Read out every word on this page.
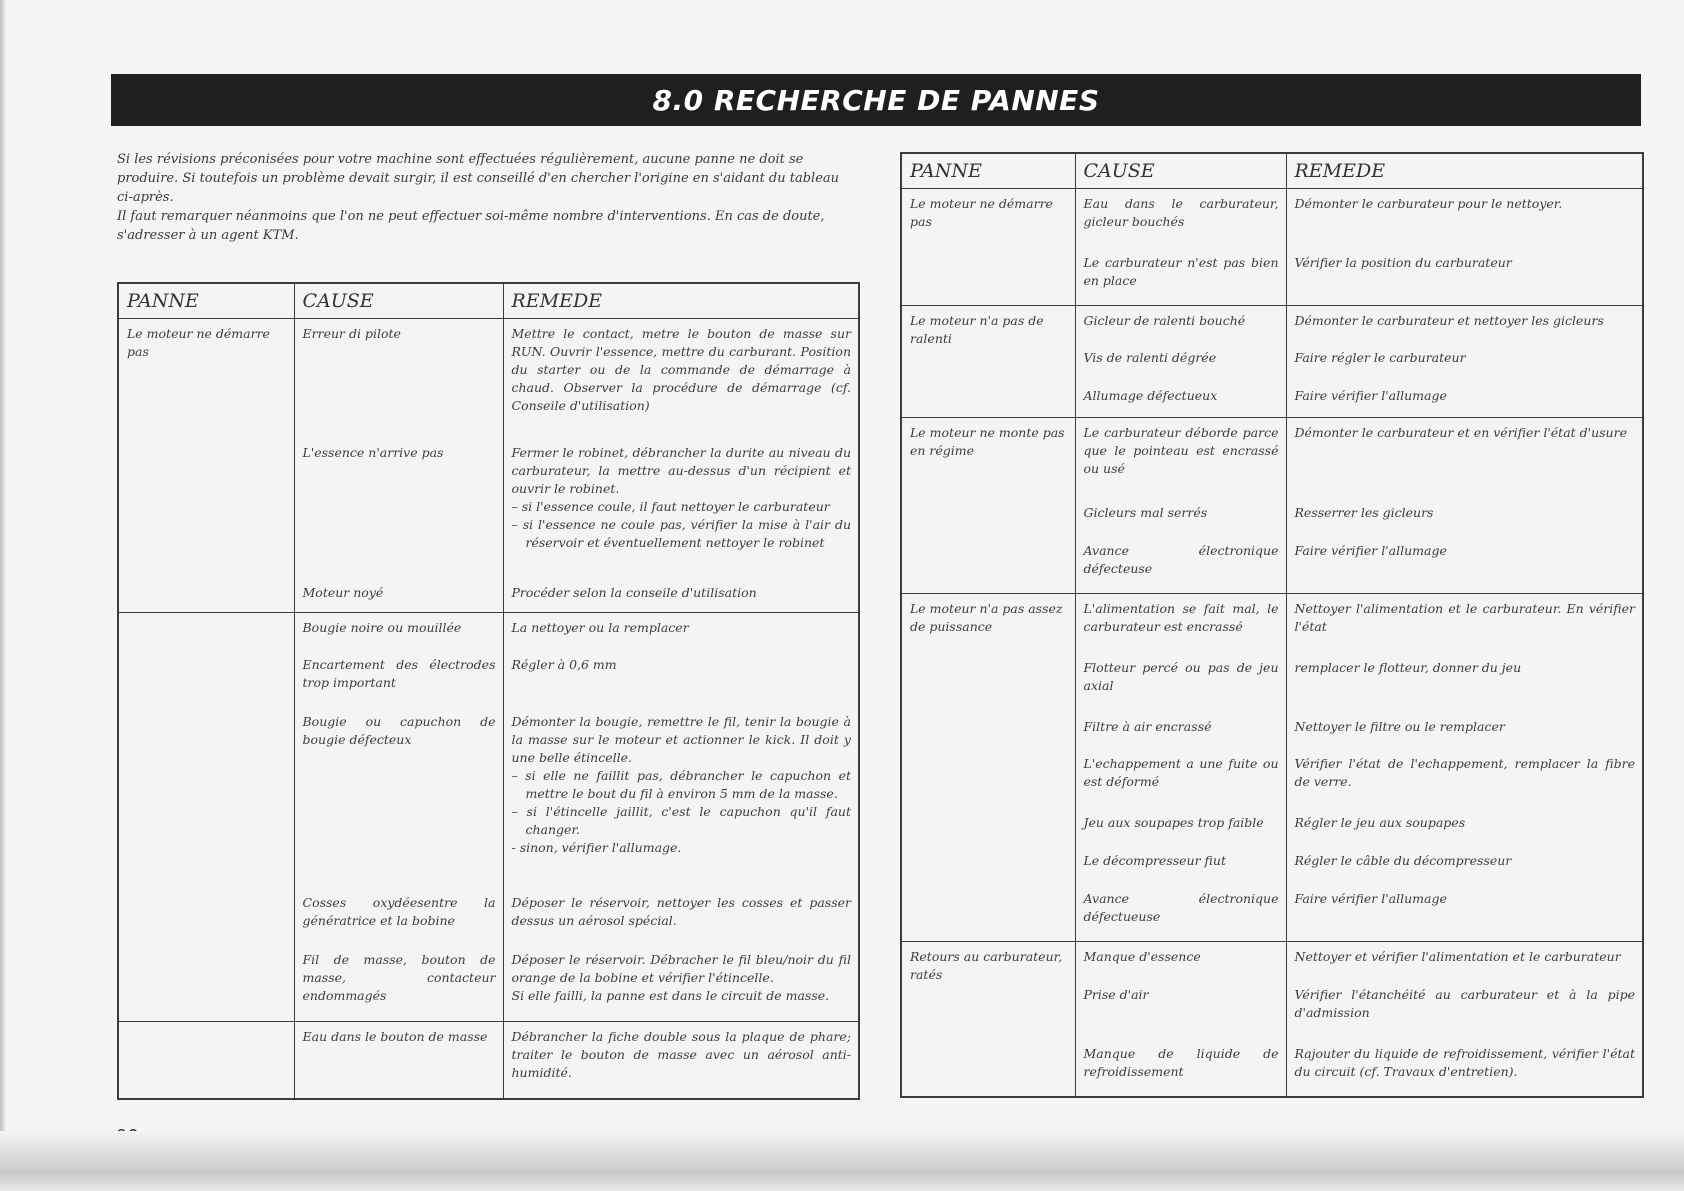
8.0 RECHERCHE DE PANNES

Si les révisions préconisées pour votre machine sont effectuées régulièrement, aucune panne ne doit se produire. Si toutefois un problème devait surgir, il est conseillé d'en chercher l'origine en s'aidant du tableau ci-après.

Il faut remarquer néanmoins que l'on ne peut effectuer soi-même nombre d'interventions. En cas de doute, s'adresser à un agent KTM.

PANNE	CAUSE	REMEDE
Le moteur ne démarre pas	Erreur di pilote	Mettre le contact, metre le bouton de masse sur RUN. Ouvrir l'essence, mettre du carburant. Position du starter ou de la commande de démarrage à chaud. Observer la procédure de démarrage (cf. Conseile d'utilisation)
	L'essence n'arrive pas	Fermer le robinet, débrancher la durite au niveau du carburateur, la mettre au-dessus d'un récipient et ouvrir le robinet.
– si l'essence coule, il faut nettoyer le carburateur
– si l'essence ne coule pas, vérifier la mise à l'air du réservoir et éventuellement nettoyer le robinet

	Moteur noyé	Procéder selon la conseile d'utilisation
	Bougie noire ou mouillée	La nettoyer ou la remplacer
	Encartement des électrodes trop important	Régler à 0,6 mm
	Bougie ou capuchon de bougie défecteux	Démonter la bougie, remettre le fil, tenir la bougie à la masse sur le moteur et actionner le kick. Il doit y une belle étincelle.
– si elle ne faillit pas, débrancher le capuchon et mettre le bout du fil à environ 5 mm de la masse.
– si l'étincelle jaillit, c'est le capuchon qu'il faut changer.
- sinon, vérifier l'allumage.

	Cosses oxydéesentre la génératrice et la bobine	Déposer le réservoir, nettoyer les cosses et passer dessus un aérosol spécial.
	Fil de masse, bouton de masse, contacteur endommagés	Déposer le réservoir. Débracher le fil bleu/noir du fil orange de la bobine et vérifier l'étincelle.
Si elle failli, la panne est dans le circuit de masse.

	Eau dans le bouton de masse	Débrancher la fiche double sous la plaque de phare; traiter le bouton de masse avec un aérosol anti-humidité.
PANNE	CAUSE	REMEDE
Le moteur ne démarre pas	Eau dans le carburateur, gicleur bouchés	Démonter le carburateur pour le nettoyer.
	Le carburateur n'est pas bien en place	Vérifier la position du carburateur
Le moteur n'a pas de ralenti	Gicleur de ralenti bouché	Démonter le carburateur et nettoyer les gicleurs
	Vis de ralenti dégrée	Faire régler le carburateur
	Allumage défectueux	Faire vérifier l'allumage
Le moteur ne monte pas en régime	Le carburateur déborde parce que le pointeau est encrassé ou usé	Démonter le carburateur et en vérifier l'état d'usure
	Gicleurs mal serrés	Resserrer les gicleurs
	Avance électronique défecteuse	Faire vérifier l'allumage
Le moteur n'a pas assez de puissance	L'alimentation se fait mal, le carburateur est encrassé	Nettoyer l'alimentation et le carburateur. En vérifier l'état
	Flotteur percé ou pas de jeu axial	remplacer le flotteur, donner du jeu
	Filtre à air encrassé	Nettoyer le filtre ou le remplacer
	L'echappement a une fuite ou est déformé	Vérifier l'état de l'echappement, remplacer la fibre de verre.
	Jeu aux soupapes trop faible	Régler le jeu aux soupapes
	Le décompresseur fiut	Régler le câble du décompresseur
	Avance électronique défectueuse	Faire vérifier l'allumage
Retours au carburateur, ratés	Manque d'essence	Nettoyer et vérifier l'alimentation et le carburateur
	Prise d'air	Vérifier l'étanchéité au carburateur et à la pipe d'admission
	Manque de liquide de refroidissement	Rajouter du liquide de refroidissement, vérifier l'état du circuit (cf. Travaux d'entretien).
